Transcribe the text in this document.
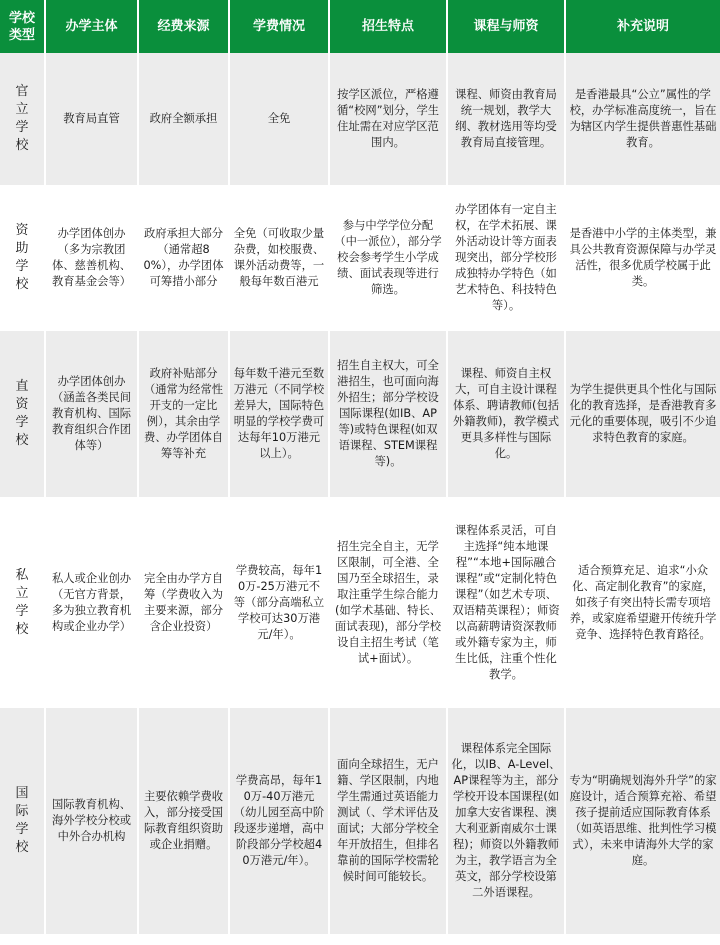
学校类型	办学主体	经费来源	学费情况	招生特点	课程与师资	补充说明
官立学校	教育局直管	政府全额承担	全免	按学区派位，严格遵循“校网”划分，学生住址需在对应学区范围内。	课程、师资由教育局统一规划，教学大纲、教材选用等均受教育局直接管理。	是香港最具“公立”属性的学校，办学标准高度统一，旨在为辖区内学生提供普惠性基础教育。

资助学校	办学团体创办（多为宗教团体、慈善机构、教育基金会等）	政府承担大部分（通常超80%），办学团体可筹措小部分	全免（可收取少量杂费，如校服费、课外活动费等，一般每年数百港元	参与中学学位分配（中一派位），部分学校会参考学生小学成绩、面试表现等进行筛选。	办学团体有一定自主权，在学术拓展、课外活动设计等方面表现突出，部分学校形成独特办学特色（如艺术特色、科技特色等）。	是香港中小学的主体类型，兼具公共教育资源保障与办学灵活性，很多优质学校属于此类。

直资学校	办学团体创办（涵盖各类民间教育机构、国际教育组织合作团体等）	政府补贴部分（通常为经常性开支的一定比例），其余由学费、办学团体自筹等补充	每年数千港元至数万港元（不同学校差异大，国际特色明显的学校学费可达每年10万港元以上）。	招生自主权大，可全港招生，也可面向海外招生；部分学校设国际课程(如IB、AP等)或特色课程(如双语课程、STEM课程等)。	课程、师资自主权大，可自主设计课程体系、聘请教师(包括外籍教师)，教学模式更具多样性与国际化。	为学生提供更具个性化与国际化的教育选择，是香港教育多元化的重要体现，吸引不少追求特色教育的家庭。

私立学校	私人或企业创办（无官方背景，多为独立教育机构或企业办学）	完全由办学方自筹（学费收入为主要来源，部分含企业投资）	学费较高，每年10万-25万港元不等（部分高端私立学校可达30万港元/年）。	招生完全自主，无学区限制，可全港、全国乃至全球招生，录取注重学生综合能力(如学术基础、特长、面试表现)，部分学校设自主招生考试（笔试+面试）。	课程体系灵活，可自主选择“纯本地课程”“本地+国际融合课程”或“定制化特色课程”（如艺术专项、双语精英课程）；师资以高薪聘请资深教师或外籍专家为主，师生比低，注重个性化教学。	适合预算充足、追求“小众化、高定制化教育”的家庭，如孩子有突出特长需专项培养，或家庭希望避开传统升学竞争、选择特色教育路径。

国际学校	国际教育机构、海外学校分校或中外合办机构	主要依赖学费收入，部分接受国际教育组织资助或企业捐赠。	学费高昂，每年10万-40万港元（幼儿园至高中阶段逐步递增，高中阶段部分学校超40万港元/年）。	面向全球招生，无户籍、学区限制，内地学生需通过英语能力测试（、学术评估及面试；大部分学校全年开放招生，但排名靠前的国际学校需轮候时间可能较长。	课程体系完全国际化，以IB、A-Level、AP课程等为主，部分学校开设本国课程(如加拿大安省课程、澳大利亚新南威尔士课程)；师资以外籍教师为主，教学语言为全英文，部分学校设第二外语课程。	专为“明确规划海外升学”的家庭设计，适合预算充裕、希望孩子提前适应国际教育体系（如英语思维、批判性学习模式），未来申请海外大学的家庭。
